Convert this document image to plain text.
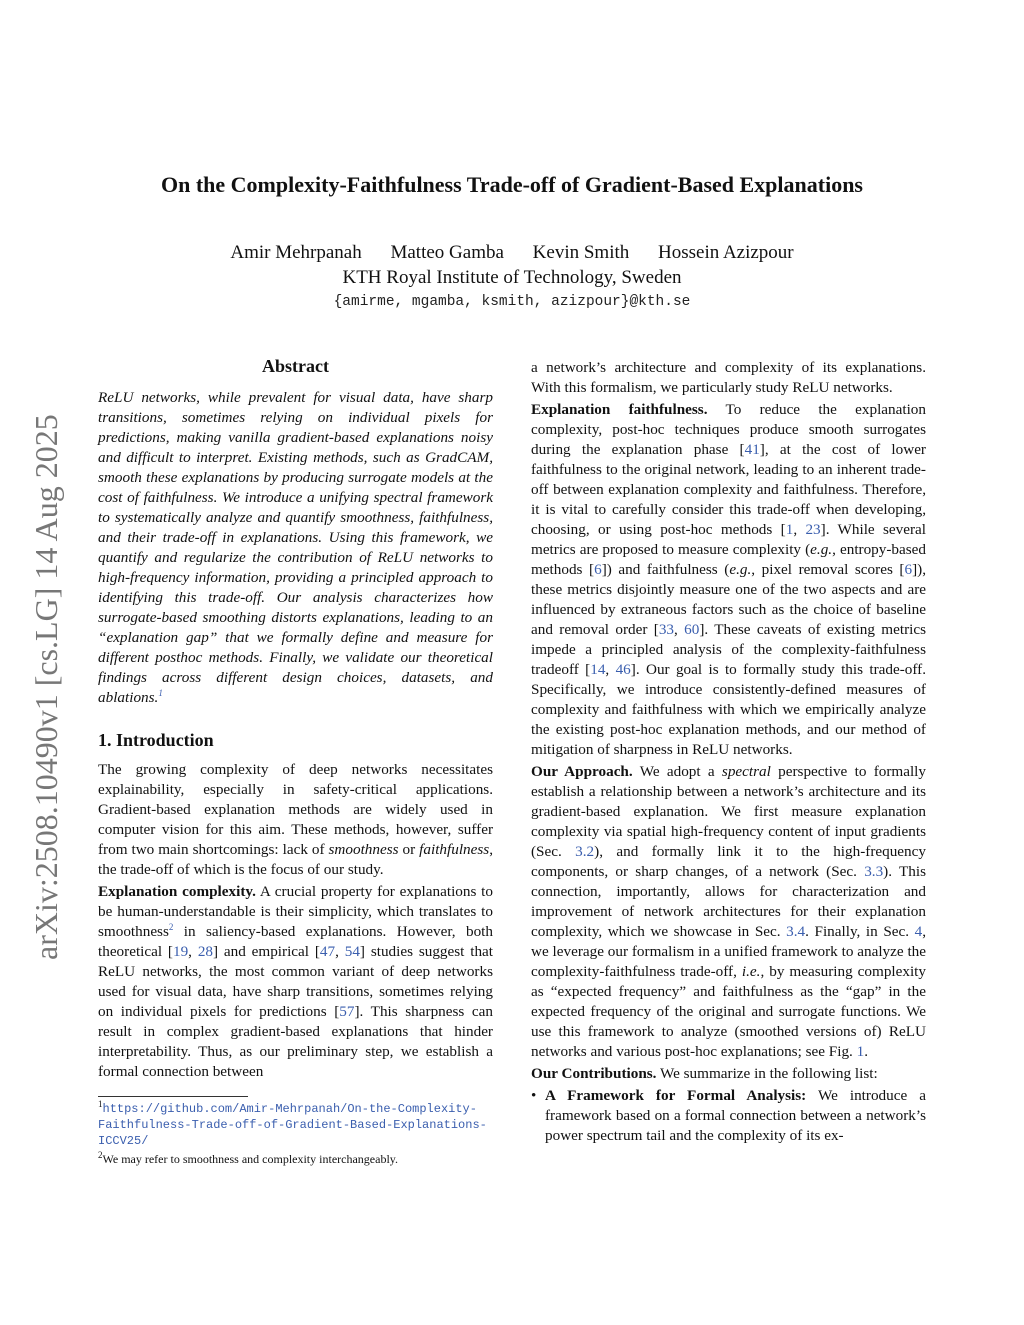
On the Complexity-Faithfulness Trade-off of Gradient-Based Explanations
Amir Mehrpanah Matteo Gamba Kevin Smith Hossein Azizpour
KTH Royal Institute of Technology, Sweden
{amirme, mgamba, ksmith, azizpour}@kth.se
arXiv:2508.10490v1 [cs.LG] 14 Aug 2025
Abstract

ReLU networks, while prevalent for visual data, have sharp transitions, sometimes relying on individual pixels for predictions, making vanilla gradient-based explanations noisy and difficult to interpret. Existing methods, such as GradCAM, smooth these explanations by producing surrogate models at the cost of faithfulness. We introduce a unifying spectral framework to systematically analyze and quantify smoothness, faithfulness, and their trade-off in explanations. Using this framework, we quantify and regularize the contribution of ReLU networks to high-frequency information, providing a principled approach to identifying this trade-off. Our analysis characterizes how surrogate-based smoothing distorts explanations, leading to an “explanation gap” that we formally define and measure for different posthoc methods. Finally, we validate our theoretical findings across different design choices, datasets, and ablations.$^1$

1. Introduction

The growing complexity of deep networks necessitates explainability, especially in safety-critical applications. Gradient-based explanation methods are widely used in computer vision for this aim. These methods, however, suffer from two main shortcomings: lack of smoothness or faithfulness, the trade-off of which is the focus of our study.

Explanation complexity. A crucial property for explanations to be human-understandable is their simplicity, which translates to smoothness$^2$ in saliency-based explanations. However, both theoretical [19, 28] and empirical [47, 54] studies suggest that ReLU networks, the most common variant of deep networks used for visual data, have sharp transitions, sometimes relying on individual pixels for predictions [57]. This sharpness can result in complex gradient-based explanations that hinder interpretability. Thus, as our preliminary step, we establish a formal connection between

$^1$https://github.com/Amir-Mehrpanah/On-the-Complexity-Faithfulness-Trade-off-of-Gradient-Based-Explanations-ICCV25/
$^2$We may refer to smoothness and complexity interchangeably.

a network’s architecture and complexity of its explanations. With this formalism, we particularly study ReLU networks.

Explanation faithfulness. To reduce the explanation complexity, post-hoc techniques produce smooth surrogates during the explanation phase [41], at the cost of lower faithfulness to the original network, leading to an inherent trade-off between explanation complexity and faithfulness. Therefore, it is vital to carefully consider this trade-off when developing, choosing, or using post-hoc methods [1, 23]. While several metrics are proposed to measure complexity (e.g., entropy-based methods [6]) and faithfulness (e.g., pixel removal scores [6]), these metrics disjointly measure one of the two aspects and are influenced by extraneous factors such as the choice of baseline and removal order [33, 60]. These caveats of existing metrics impede a principled analysis of the complexity-faithfulness tradeoff [14, 46]. Our goal is to formally study this trade-off. Specifically, we introduce consistently-defined measures of complexity and faithfulness with which we empirically analyze the existing post-hoc explanation methods, and our method of mitigation of sharpness in ReLU networks.

Our Approach. We adopt a spectral perspective to formally establish a relationship between a network’s architecture and its gradient-based explanation. We first measure explanation complexity via spatial high-frequency content of input gradients (Sec. 3.2), and formally link it to the high-frequency components, or sharp changes, of a network (Sec. 3.3). This connection, importantly, allows for characterization and improvement of network architectures for their explanation complexity, which we showcase in Sec. 3.4. Finally, in Sec. 4, we leverage our formalism in a unified framework to analyze the complexity-faithfulness trade-off, i.e., by measuring complexity as “expected frequency” and faithfulness as the “gap” in the expected frequency of the original and surrogate functions. We use this framework to analyze (smoothed versions of) ReLU networks and various post-hoc explanations; see Fig. 1.

Our Contributions. We summarize in the following list:

• A Framework for Formal Analysis: We introduce a framework based on a formal connection between a network’s power spectrum tail and the complexity of its ex-
